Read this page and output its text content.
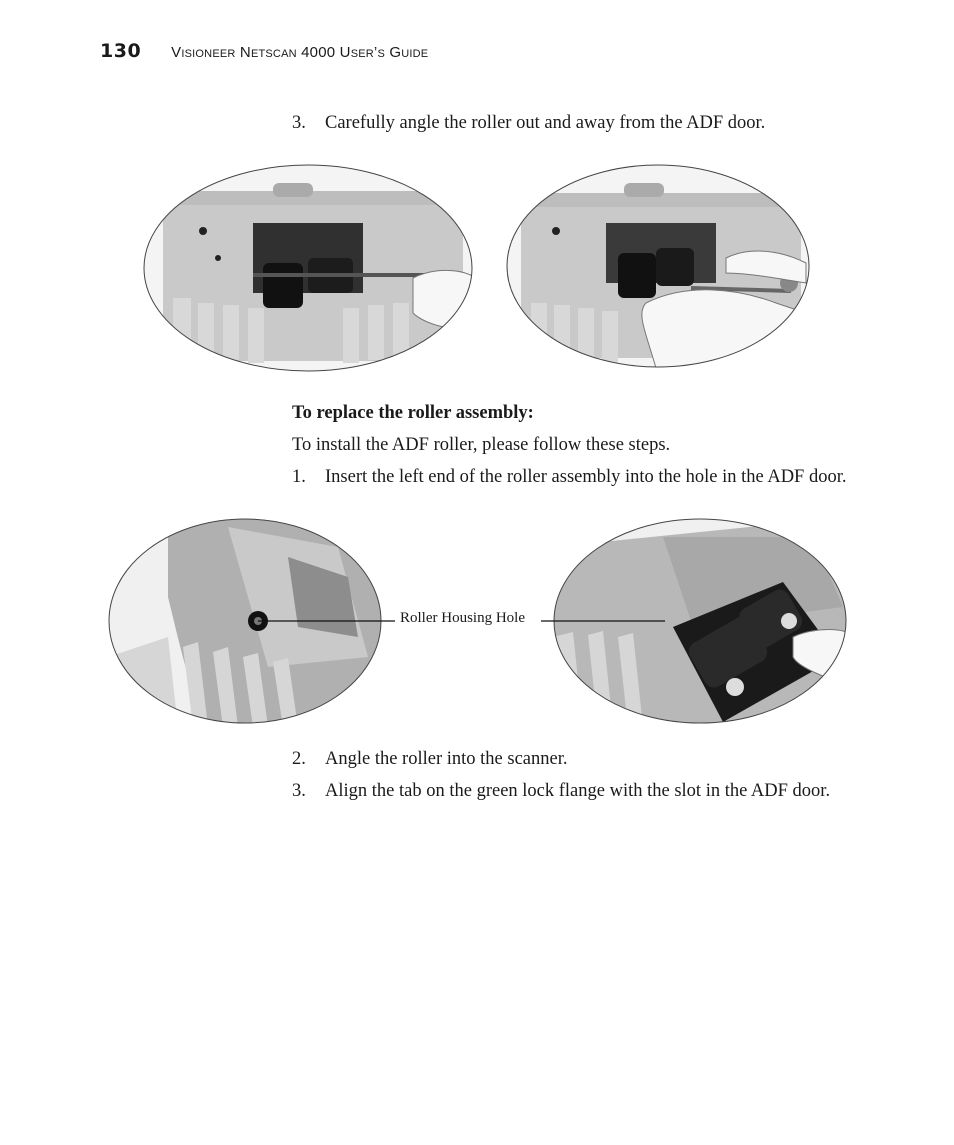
130 Visioneer Netscan 4000 User’s Guide
3. Carefully angle the roller out and away from the ADF door.
To replace the roller assembly:
To install the ADF roller, please follow these steps.
1. Insert the left end of the roller assembly into the hole in the ADF door.
Roller Housing Hole
2. Angle the roller into the scanner.
3. Align the tab on the green lock flange with the slot in the ADF door.
